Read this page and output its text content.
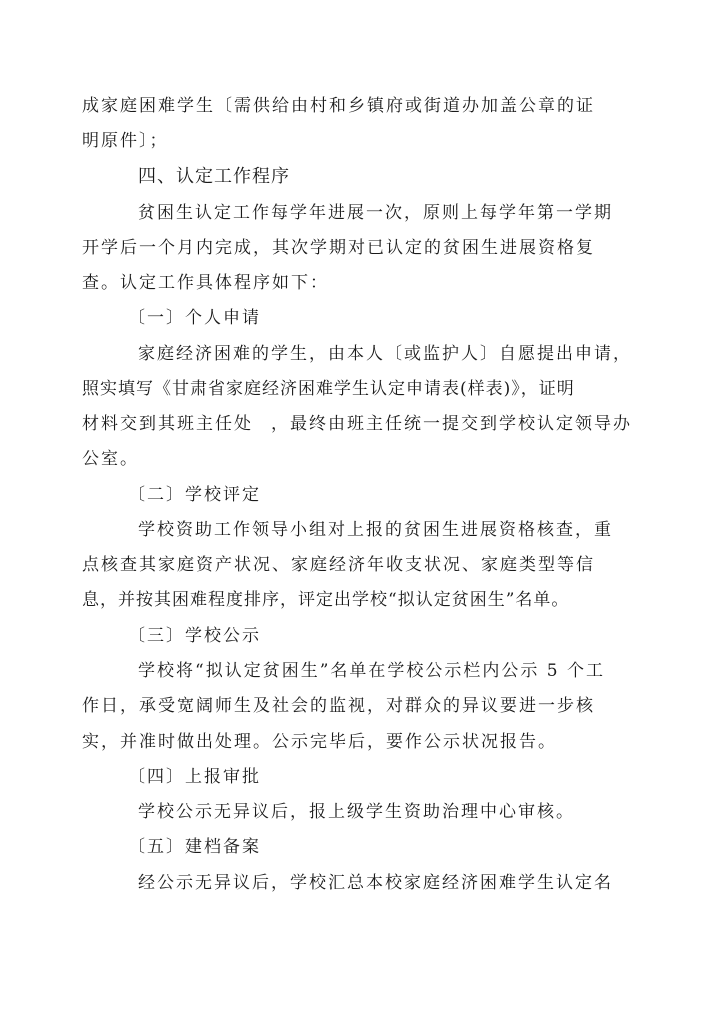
成家庭困难学生〔需供给由村和乡镇府或街道办加盖公章的证
明原件〕；
四、认定工作程序
贫困生认定工作每学年进展一次，原则上每学年第一学期
开学后一个月内完成，其次学期对已认定的贫困生进展资格复
查。认定工作具体程序如下：
〔一〕个人申请
家庭经济困难的学生，由本人〔或监护人〕自愿提出申请，
照实填写《甘肃省家庭经济困难学生认定申请表(样表)》，证明
材料交到其班主任处 ，最终由班主任统一提交到学校认定领导办
公室。
〔二〕学校评定
学校资助工作领导小组对上报的贫困生进展资格核查，重
点核查其家庭资产状况、家庭经济年收支状况、家庭类型等信
息，并按其困难程度排序，评定出学校“拟认定贫困生”名单。
〔三〕学校公示
学校将“拟认定贫困生”名单在学校公示栏内公示 5 个工
作日，承受宽阔师生及社会的监视，对群众的异议要进一步核
实，并准时做出处理。公示完毕后，要作公示状况报告。
〔四〕上报审批
学校公示无异议后，报上级学生资助治理中心审核。
〔五〕建档备案
经公示无异议后，学校汇总本校家庭经济困难学生认定名
